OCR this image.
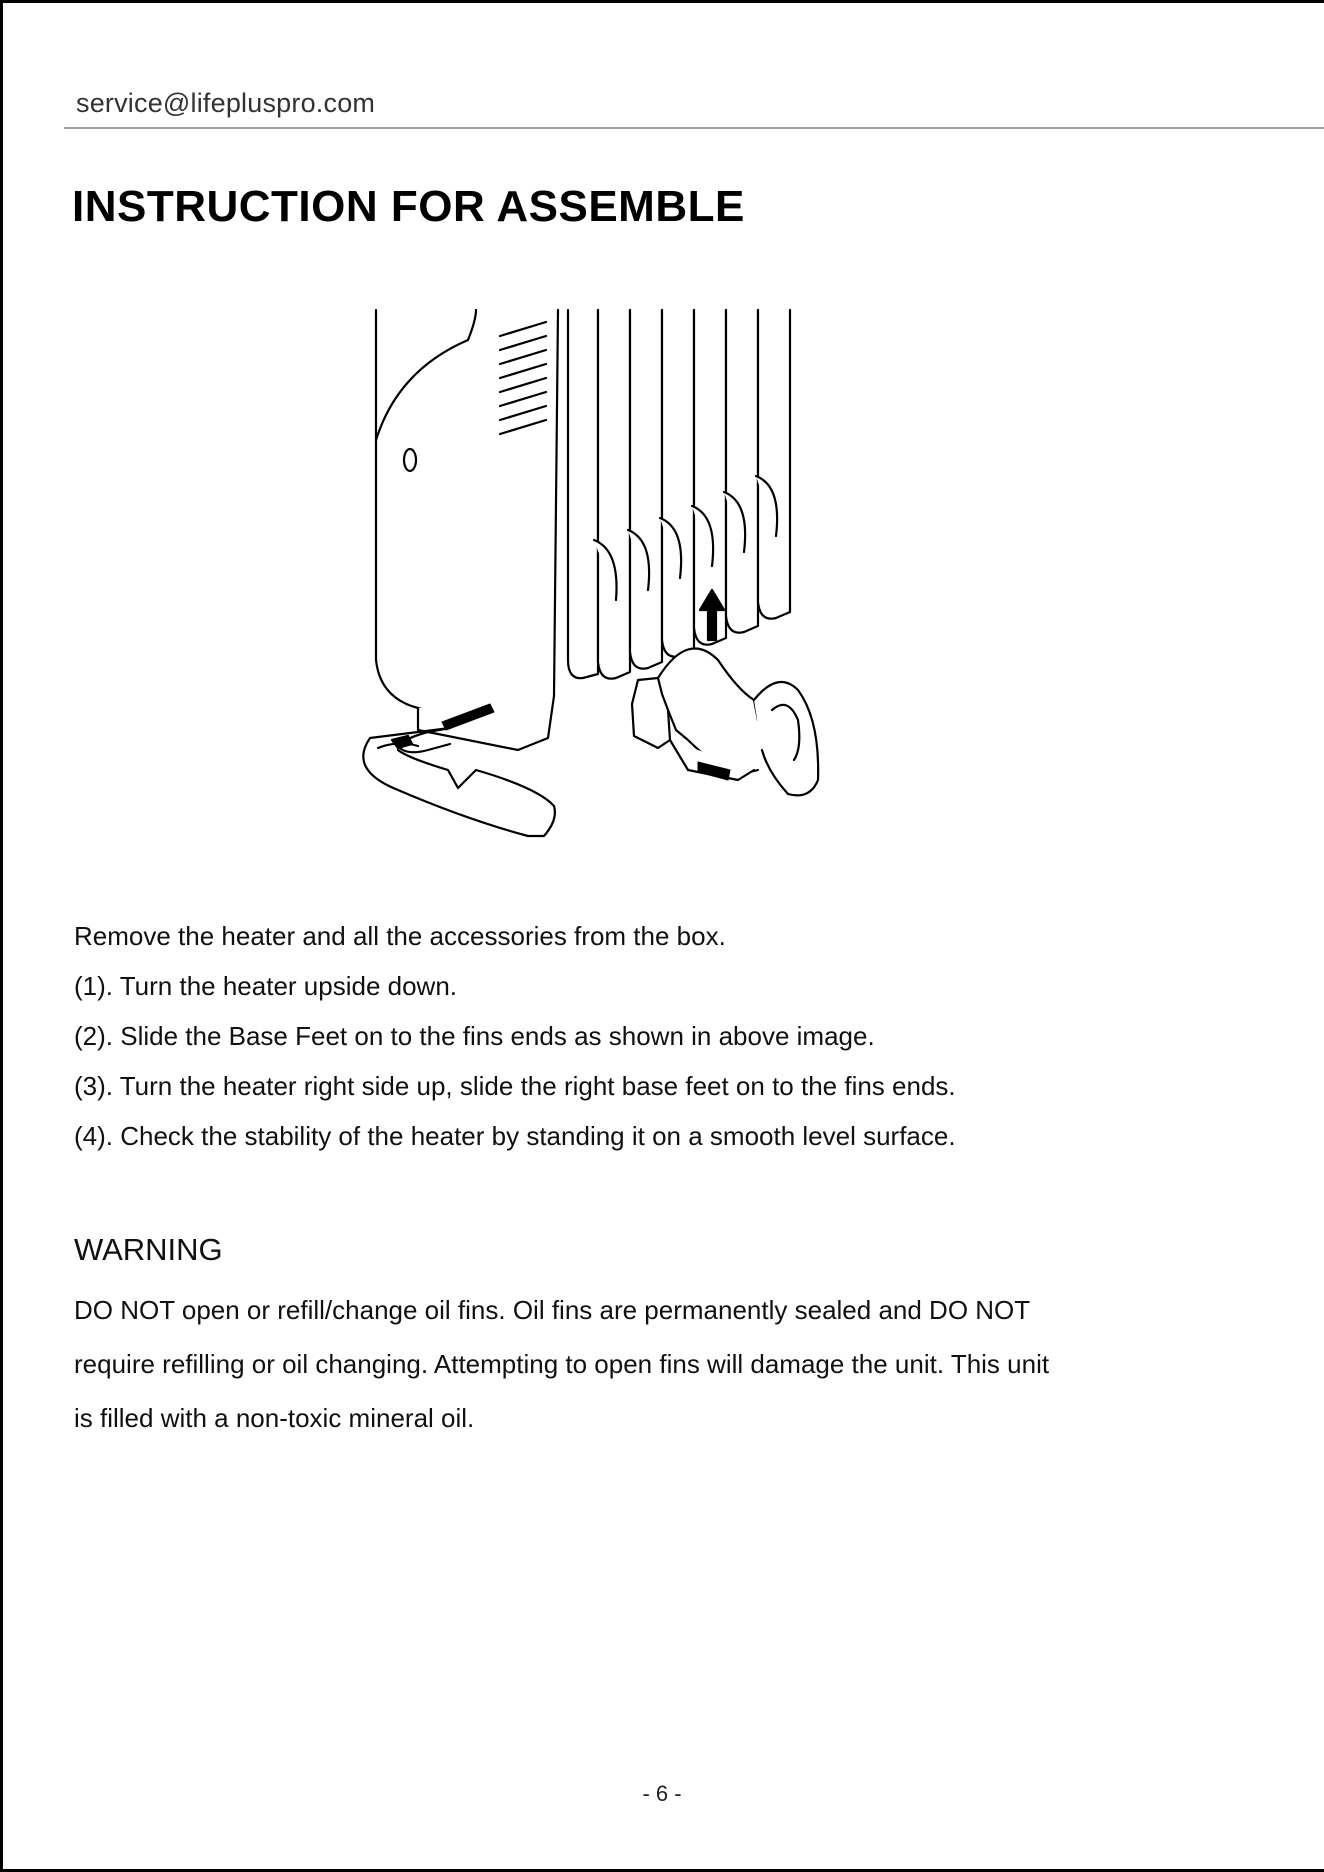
service@lifepluspro.com
INSTRUCTION FOR ASSEMBLE

Remove the heater and all the accessories from the box.

(1). Turn the heater upside down.

(2). Slide the Base Feet on to the fins ends as shown in above image.

(3). Turn the heater right side up, slide the right base feet on to the fins ends.

(4). Check the stability of the heater by standing it on a smooth level surface.

WARNING

DO NOT open or refill/change oil fins. Oil fins are permanently sealed and DO NOT

require refilling or oil changing. Attempting to open fins will damage the unit. This unit

is filled with a non-toxic mineral oil.

- 6 -
